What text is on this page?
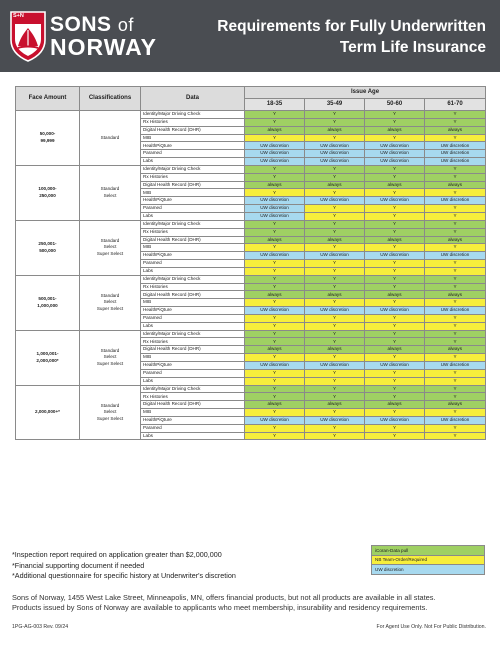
S+N SONS of
NORWAY
Requirements for Fully Underwritten
Term Life Insurance
Face Amount	Classifications	Data	Issue Age			
			18-35	35-49	50-60	61-70
50,000-
99,999	Standard	Identity/Major Driving Check	Y	Y	Y	Y
		Rx Histories	Y	Y	Y	Y
		Digital Health Record (DHR)	always	always	always	always
		MIB	Y	Y	Y	Y
		HealthPiQture	UW discretion	UW discretion	UW discretion	UW discretion
		Paramed	UW discretion	UW discretion	UW discretion	UW discretion
		Labs	UW discretion	UW discretion	UW discretion	UW discretion
100,000-
250,000	Standard
Select	Identity/Major Driving Check	Y	Y	Y	Y
		Rx Histories	Y	Y	Y	Y
		Digital Health Record (DHR)	always	always	always	always
		MIB	Y	Y	Y	Y
		HealthPiQture	UW discretion	UW discretion	UW discretion	UW discretion
		Paramed	UW discretion	Y	Y	Y
		Labs	UW discretion	Y	Y	Y
250,001-
500,000	Standard
Select
Super Select	Identity/Major Driving Check	Y	Y	Y	Y
		Rx Histories	Y	Y	Y	Y
		Digital Health Record (DHR)	always	always	always	always
		MIB	Y	Y	Y	Y
		HealthPiQture	UW discretion	UW discretion	UW discretion	UW discretion
		Paramed	Y	Y	Y	Y
		Labs	Y	Y	Y	Y
500,001-
1,000,000	Standard
Select
Super Select	Identity/Major Driving Check	Y	Y	Y	Y
		Rx Histories	Y	Y	Y	Y
		Digital Health Record (DHR)	always	always	always	always
		MIB	Y	Y	Y	Y
		HealthPiQture	UW discretion	UW discretion	UW discretion	UW discretion
		Paramed	Y	Y	Y	Y
		Labs	Y	Y	Y	Y
1,000,001-
2,000,000*	Standard
Select
Super Select	Identity/Major Driving Check	Y	Y	Y	Y
		Rx Histories	Y	Y	Y	Y
		Digital Health Record (DHR)	always	always	always	always
		MIB	Y	Y	Y	Y
		HealthPiQture	UW discretion	UW discretion	UW discretion	UW discretion
		Paramed	Y	Y	Y	Y
		Labs	Y	Y	Y	Y
2,000,000+*	Standard
Select
Super Select	Identity/Major Driving Check	Y	Y	Y	Y
		Rx Histories	Y	Y	Y	Y
		Digital Health Record (DHR)	always	always	always	always
		MIB	Y	Y	Y	Y
		HealthPiQture	UW discretion	UW discretion	UW discretion	UW discretion
		Paramed	Y	Y	Y	Y
		Labs	Y	Y	Y	Y
*Inspection report required on application greater than $2,000,000
*Financial supporting document if needed
*Additional questionnaire for specific history at Underwriter's discretion
iCoran-Data pull
NB Team-Order/Required
UW discretion
Sons of Norway, 1455 West Lake Street, Minneapolis, MN, offers financial products, but not all products are available in all states.
Products issued by Sons of Norway are available to applicants who meet membership, insurability and residency requirements.
1PG-AG-003 Rev. 09/24	For Agent Use Only. Not For Public Distribution.
